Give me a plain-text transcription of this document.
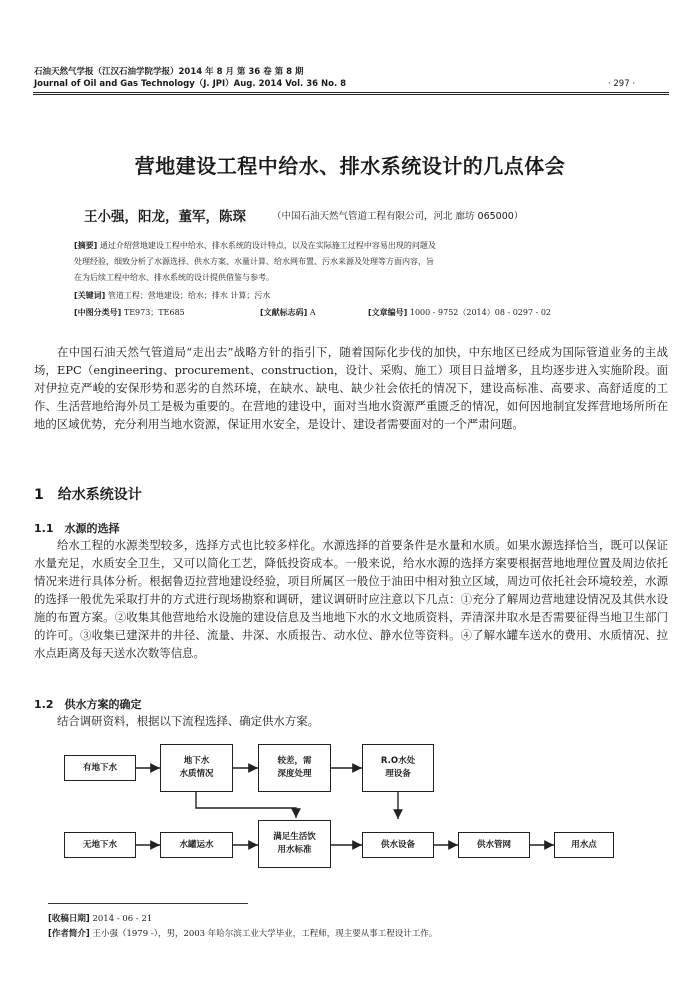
石油天然气学报（江汉石油学院学报）2014 年 8 月 第 36 卷 第 8 期
Journal of Oil and Gas Technology（J. JPI）Aug. 2014 Vol. 36 No. 8	· 297 ·
营地建设工程中给水、排水系统设计的几点体会
王小强，阳龙，董军，陈琛	（中国石油天然气管道工程有限公司，河北 廊坊 065000）
[摘要] 通过介绍营地建设工程中给水、排水系统的设计特点，以及在实际施工过程中容易出现的问题及
处理经验，细致分析了水源选择、供水方案、水量计算、给水网布置、污水来源及处理等方面内容，旨
在为后续工程中给水、排水系统的设计提供借鉴与参考。
[关键词] 管道工程；营地建设；给水；排水 计算；污水
[中图分类号] TE973；TE685	[文献标志码] A	[文章编号] 1000 - 9752（2014）08 - 0297 - 02

在中国石油天然气管道局“走出去”战略方针的指引下，随着国际化步伐的加快，中东地区已经成为国际管道业务的主战场，EPC（engineering、procurement、construction，设计、采购、施工）项目日益增多，且均逐步进入实施阶段。面对伊拉克严峻的安保形势和恶劣的自然环境，在缺水、缺电、缺少社会依托的情况下，建设高标准、高要求、高舒适度的工作、生活营地给海外员工是极为重要的。在营地的建设中，面对当地水资源严重匮乏的情况，如何因地制宜发挥营地场所所在地的区域优势，充分利用当地水资源，保证用水安全，是设计、建设者需要面对的一个严肃问题。

1　给水系统设计
1.1　水源的选择

给水工程的水源类型较多，选择方式也比较多样化。水源选择的首要条件是水量和水质。如果水源选择恰当，既可以保证水量充足，水质安全卫生，又可以简化工艺，降低投资成本。一般来说，给水水源的选择方案要根据营地地理位置及周边依托情况来进行具体分析。根据鲁迈拉营地建设经验，项目所属区一般位于油田中相对独立区域，周边可依托社会环境较差，水源的选择一般优先采取打井的方式进行现场勘察和调研，建议调研时应注意以下几点：①充分了解周边营地建设情况及其供水设施的布置方案。②收集其他营地给水设施的建设信息及当地地下水的水文地质资料，弄清深井取水是否需要征得当地卫生部门的许可。③收集已建深井的井径、流量、井深、水质报告、动水位、静水位等资料。④了解水罐车送水的费用、水质情况、拉水点距离及每天送水次数等信息。

1.2　供水方案的确定

结合调研资料，根据以下流程选择、确定供水方案。

有地下水
地下水
水质情况
较差，需
深度处理
R.O水处
理设备
无地下水	水罐运水
满足生活饮
用水标准
供水设备	供水管网	用水点
[收稿日期] 2014 - 06 - 21
[作者简介] 王小强（1979 -），男，2003 年哈尔滨工业大学毕业，工程师，现主要从事工程设计工作。
